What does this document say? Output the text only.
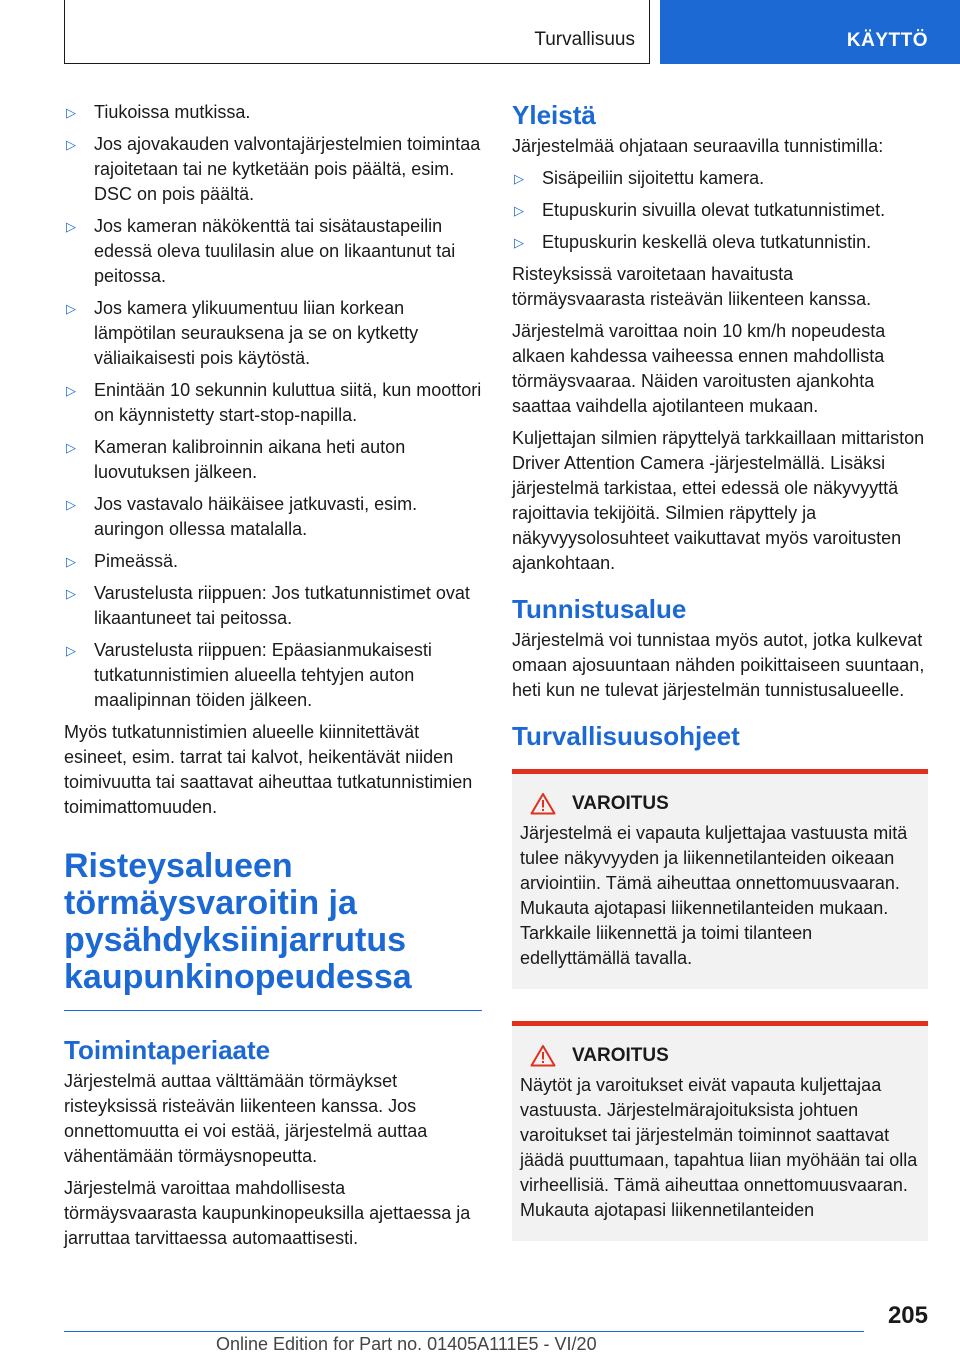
Turvallisuus	KÄYTTÖ
▷ Tiukoissa mutkissa.
▷ Jos ajovakauden valvontajärjestelmien toimintaa rajoitetaan tai ne kytketään pois päältä, esim. DSC on pois päältä.
▷ Jos kameran näkökenttä tai sisätaustapeilin edessä oleva tuulilasin alue on likaantunut tai peitossa.
▷ Jos kamera ylikuumentuu liian korkean lämpötilan seurauksena ja se on kytketty väliaikaisesti pois käytöstä.
▷ Enintään 10 sekunnin kuluttua siitä, kun moottori on käynnistetty start-stop-napilla.
▷ Kameran kalibroinnin aikana heti auton luovutuksen jälkeen.
▷ Jos vastavalo häikäisee jatkuvasti, esim. auringon ollessa matalalla.
▷ Pimeässä.
▷ Varustelusta riippuen: Jos tutkatunnistimet ovat likaantuneet tai peitossa.
▷ Varustelusta riippuen: Epäasianmukaisesti tutkatunnistimien alueella tehtyjen auton maalipinnan töiden jälkeen.

Myös tutkatunnistimien alueelle kiinnitettävät esineet, esim. tarrat tai kalvot, heikentävät niiden toimivuutta tai saattavat aiheuttaa tutkatunnistimien toimimattomuuden.

Risteysalueen törmäysvaroitin ja pysähdyksiinjarrutus kaupunkinopeudessa
Toimintaperiaate

Järjestelmä auttaa välttämään törmäykset risteyksissä risteävän liikenteen kanssa. Jos onnettomuutta ei voi estää, järjestelmä auttaa vähentämään törmäysnopeutta.

Järjestelmä varoittaa mahdollisesta törmäysvaarasta kaupunkinopeuksilla ajettaessa ja jarruttaa tarvittaessa automaattisesti.

Yleistä

Järjestelmää ohjataan seuraavilla tunnistimilla:

▷ Sisäpeiliin sijoitettu kamera.
▷ Etupuskurin sivuilla olevat tutkatunnistimet.
▷ Etupuskurin keskellä oleva tutkatunnistin.

Risteyksissä varoitetaan havaitusta törmäysvaarasta risteävän liikenteen kanssa.

Järjestelmä varoittaa noin 10 km/h nopeudesta alkaen kahdessa vaiheessa ennen mahdollista törmäysvaaraa. Näiden varoitusten ajankohta saattaa vaihdella ajotilanteen mukaan.

Kuljettajan silmien räpyttelyä tarkkaillaan mittariston Driver Attention Camera -järjestelmällä. Lisäksi järjestelmä tarkistaa, ettei edessä ole näkyvyyttä rajoittavia tekijöitä. Silmien räpyttely ja näkyvyysolosuhteet vaikuttavat myös varoitusten ajankohtaan.

Tunnistusalue

Järjestelmä voi tunnistaa myös autot, jotka kulkevat omaan ajosuuntaan nähden poikittaiseen suuntaan, heti kun ne tulevat järjestelmän tunnistusalueelle.

Turvallisuusohjeet
VAROITUS

Järjestelmä ei vapauta kuljettajaa vastuusta mitä tulee näkyvyyden ja liikennetilanteiden oikeaan arviointiin. Tämä aiheuttaa onnettomuusvaaran. Mukauta ajotapasi liikennetilanteiden mukaan. Tarkkaile liikennettä ja toimi tilanteen edellyttämällä tavalla.

VAROITUS

Näytöt ja varoitukset eivät vapauta kuljettajaa vastuusta. Järjestelmärajoituksista johtuen varoitukset tai järjestelmän toiminnot saattavat jäädä puuttumaan, tapahtua liian myöhään tai olla virheellisiä. Tämä aiheuttaa onnettomuusvaaran. Mukauta ajotapasi liikennetilanteiden

205
Online Edition for Part no. 01405A111E5 - VI/20
